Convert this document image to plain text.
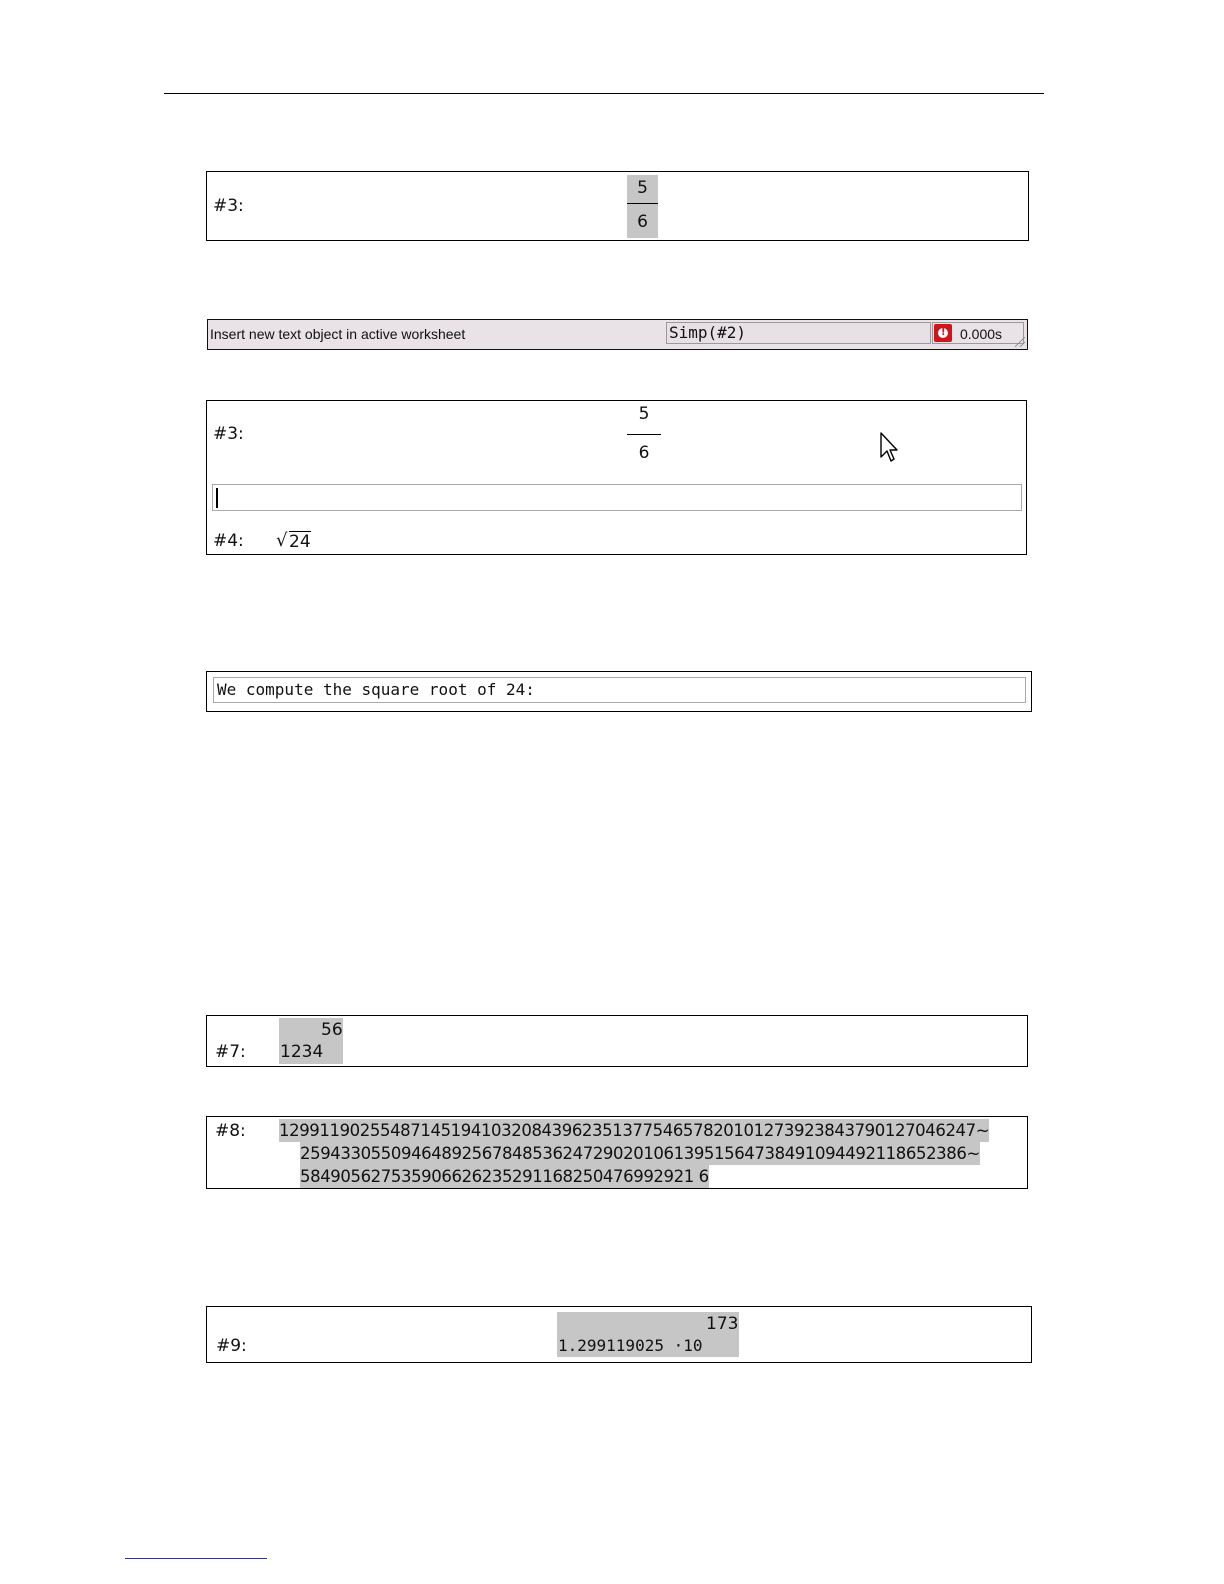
#3:
5
6
Insert new text object in active worksheet	Simp(#2)
!	0.000s
#3:
5
6
#4: √ 24
We compute the square root of 24:
#7:
56
1234
#8: 129911902554871451941032084396235137754657820101273923843790127046247~
259433055094648925678485362472902010613951564738491094492118652386~
584905627535906626235291168250476992921 6
#9:
173
1.299119025 ·10
